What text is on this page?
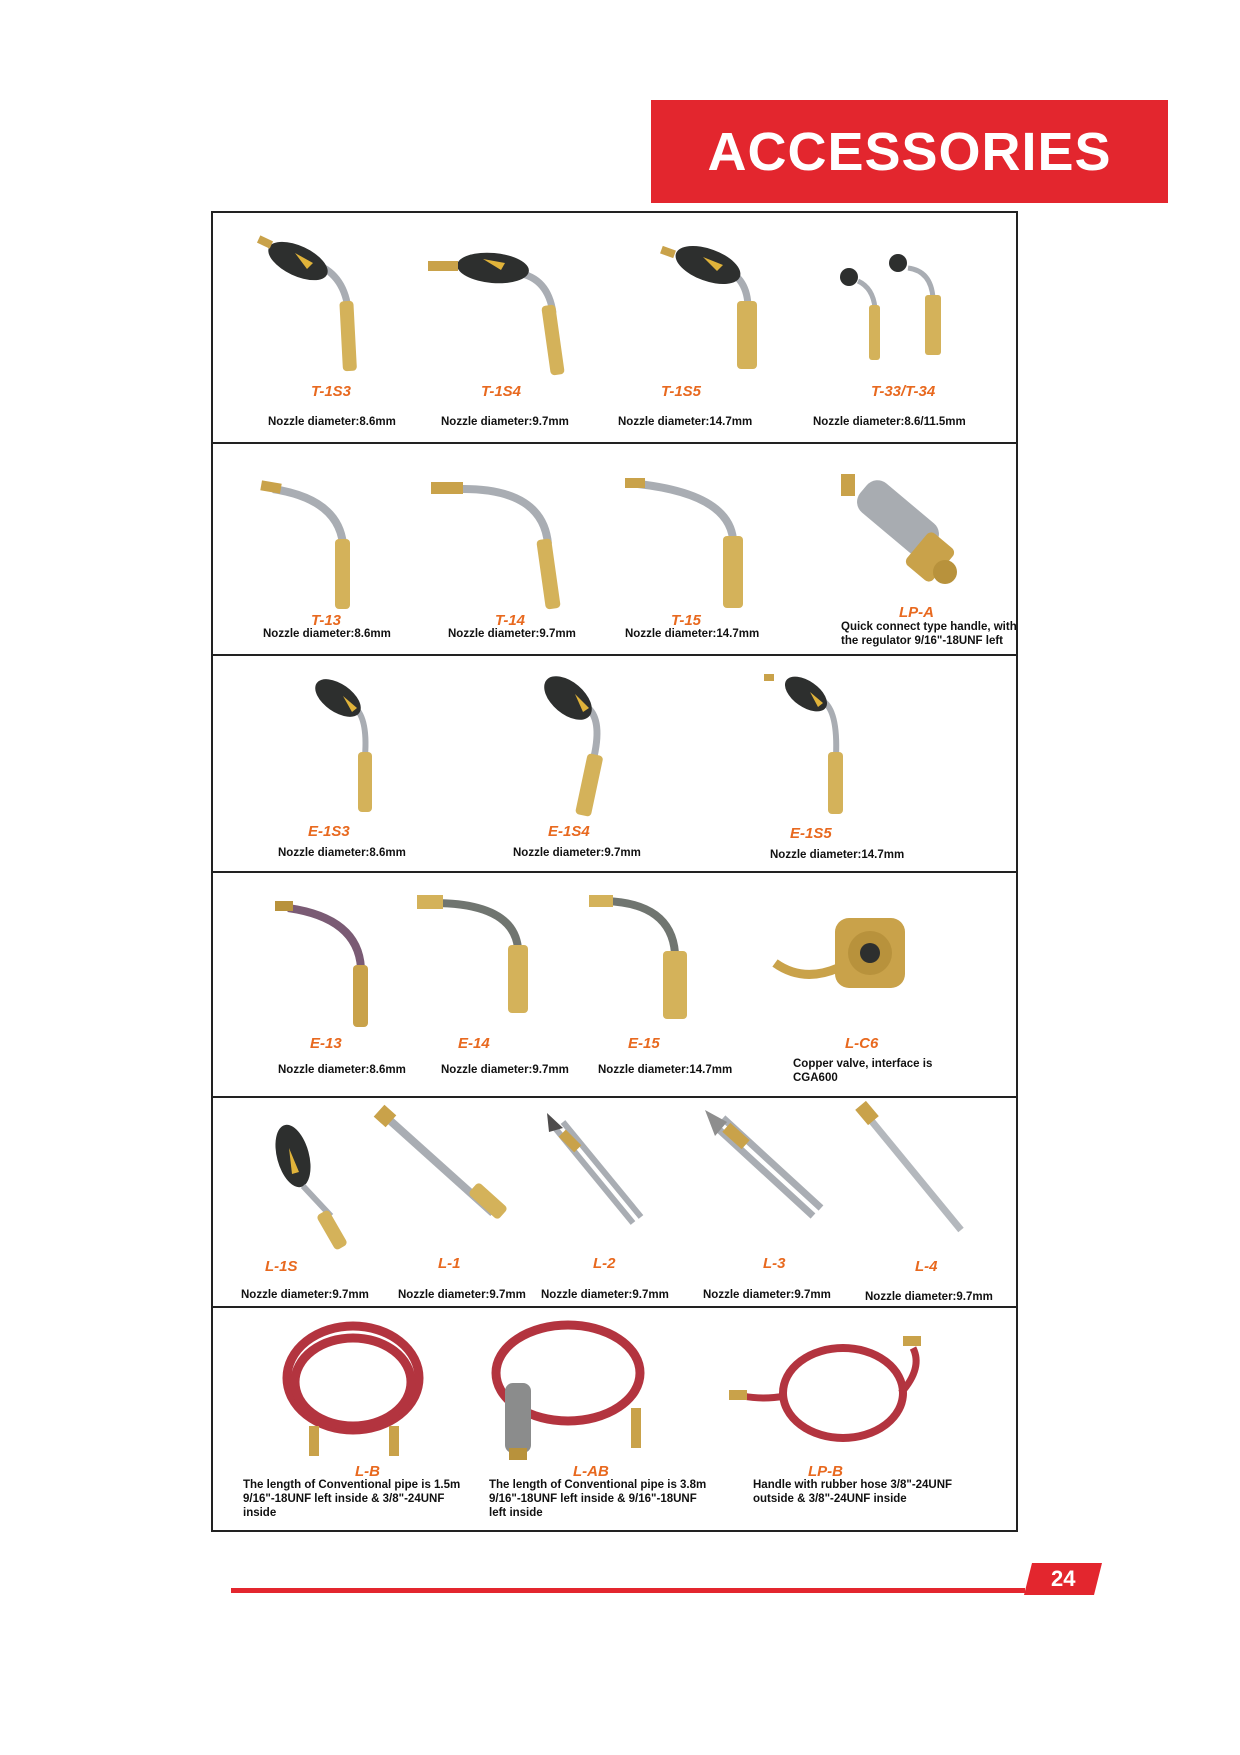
ACCESSORIES
T-1S3
Nozzle diameter:8.6mm
T-1S4
Nozzle diameter:9.7mm
T-1S5
Nozzle diameter:14.7mm
T-33/T-34
Nozzle diameter:8.6/11.5mm
T-13
Nozzle diameter:8.6mm
T-14
Nozzle diameter:9.7mm
T-15
Nozzle diameter:14.7mm
LP-A
Quick connect type handle, with the regulator 9/16"-18UNF left
E-1S3
Nozzle diameter:8.6mm
E-1S4
Nozzle diameter:9.7mm
E-1S5
Nozzle diameter:14.7mm
E-13
Nozzle diameter:8.6mm
E-14
Nozzle diameter:9.7mm
E-15
Nozzle diameter:14.7mm
L-C6
Copper valve, interface is CGA600
L-1S
Nozzle diameter:9.7mm
L-1
Nozzle diameter:9.7mm
L-2
Nozzle diameter:9.7mm
L-3
Nozzle diameter:9.7mm
L-4
Nozzle diameter:9.7mm
L-B
The length of Conventional pipe is 1.5m 9/16"-18UNF left inside & 3/8"-24UNF inside
L-AB
The length of Conventional pipe is 3.8m 9/16"-18UNF left inside & 9/16"-18UNF left inside
LP-B
Handle with rubber hose 3/8"-24UNF outside & 3/8"-24UNF inside
24
